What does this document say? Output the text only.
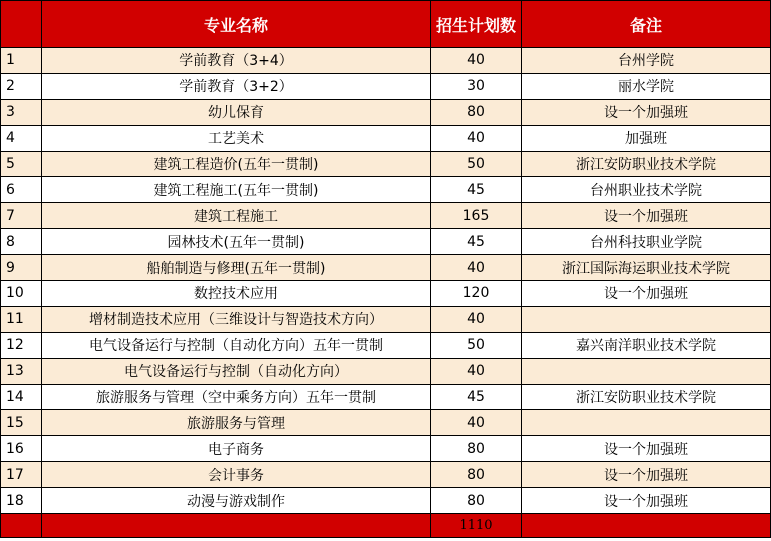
	专业名称	招生计划数	备注
1	学前教育（3+4）	40	台州学院
2	学前教育（3+2）	30	丽水学院
3	幼儿保育	80	设一个加强班
4	工艺美术	40	加强班
5	建筑工程造价(五年一贯制)	50	浙江安防职业技术学院
6	建筑工程施工(五年一贯制)	45	台州职业技术学院
7	建筑工程施工	165	设一个加强班
8	园林技术(五年一贯制)	45	台州科技职业学院
9	船舶制造与修理(五年一贯制)	40	浙江国际海运职业技术学院
10	数控技术应用	120	设一个加强班
11	增材制造技术应用（三维设计与智造技术方向）	40	
12	电气设备运行与控制（自动化方向）五年一贯制	50	嘉兴南洋职业技术学院
13	电气设备运行与控制（自动化方向）	40	
14	旅游服务与管理（空中乘务方向）五年一贯制	45	浙江安防职业技术学院
15	旅游服务与管理	40	
16	电子商务	80	设一个加强班
17	会计事务	80	设一个加强班
18	动漫与游戏制作	80	设一个加强班
		1110	
